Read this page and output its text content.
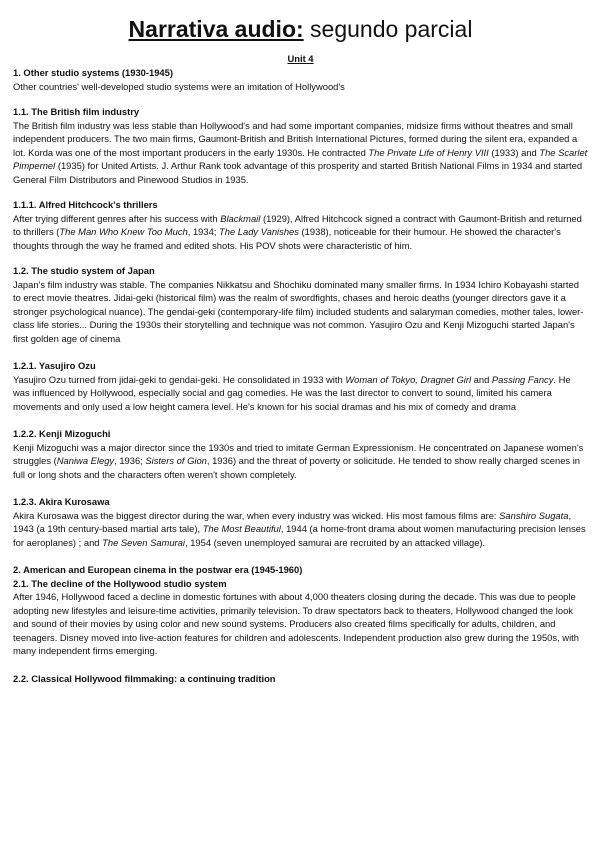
Narrativa audio: segundo parcial
Unit 4
1. Other studio systems (1930-1945)

Other countries' well-developed studio systems were an imitation of Hollywood's

1.1. The British film industry

The British film industry was less stable than Hollywood's and had some important companies, midsize firms without theatres and small independent producers. The two main firms, Gaumont-British and British International Pictures, formed during the silent era, expanded a lot. Korda was one of the most important producers in the early 1930s. He contracted The Private Life of Henry VIII (1933) and The Scarlet Pimpernel (1935) for United Artists. J. Arthur Rank took advantage of this prosperity and started British National Films in 1934 and started General Film Distributors and Pinewood Studios in 1935.

1.1.1. Alfred Hitchcock's thrillers

After trying different genres after his success with Blackmail (1929), Alfred Hitchcock signed a contract with Gaumont-British and returned to thrillers (The Man Who Knew Too Much, 1934; The Lady Vanishes (1938), noticeable for their humour. He showed the character's thoughts through the way he framed and edited shots. His POV shots were characteristic of him.

1.2. The studio system of Japan

Japan's film industry was stable. The companies Nikkatsu and Shochiku dominated many smaller firms. In 1934 Ichiro Kobayashi started to erect movie theatres. Jidai-geki (historical film) was the realm of swordfights, chases and heroic deaths (younger directors gave it a stronger psychological nuance). The gendai-geki (contemporary-life film) included students and salaryman comedies, mother tales, lower-class life stories... During the 1930s their storytelling and technique was not common. Yasujiro Ozu and Kenji Mizoguchi started Japan's first golden age of cinema

1.2.1. Yasujiro Ozu

Yasujiro Ozu turned from jidai-geki to gendai-geki. He consolidated in 1933 with Woman of Tokyo, Dragnet Girl and Passing Fancy. He was influenced by Hollywood, especially social and gag comedies. He was the last director to convert to sound, limited his camera movements and only used a low height camera level. He's known for his social dramas and his mix of comedy and drama

1.2.2. Kenji Mizoguchi

Kenji Mizoguchi was a major director since the 1930s and tried to imitate German Expressionism. He concentrated on Japanese women's struggles (Naniwa Elegy, 1936; Sisters of Gion, 1936) and the threat of poverty or solicitude. He tended to show really charged scenes in full or long shots and the characters often weren't shown completely.

1.2.3. Akira Kurosawa

Akira Kurosawa was the biggest director during the war, when every industry was wicked. His most famous films are: Sanshiro Sugata, 1943 (a 19th century-based martial arts tale), The Most Beautiful, 1944 (a home-front drama about women manufacturing precision lenses for aeroplanes) ; and The Seven Samurai, 1954 (seven unemployed samurai are recruited by an attacked village).

2. American and European cinema in the postwar era (1945-1960)
2.1. The decline of the Hollywood studio system

After 1946, Hollywood faced a decline in domestic fortunes with about 4,000 theaters closing during the decade. This was due to people adopting new lifestyles and leisure-time activities, primarily television. To draw spectators back to theaters, Hollywood changed the look and sound of their movies by using color and new sound systems. Producers also created films specifically for adults, children, and teenagers. Disney moved into live-action features for children and adolescents. Independent production also grew during the 1950s, with many independent firms emerging.

2.2. Classical Hollywood filmmaking: a continuing tradition
